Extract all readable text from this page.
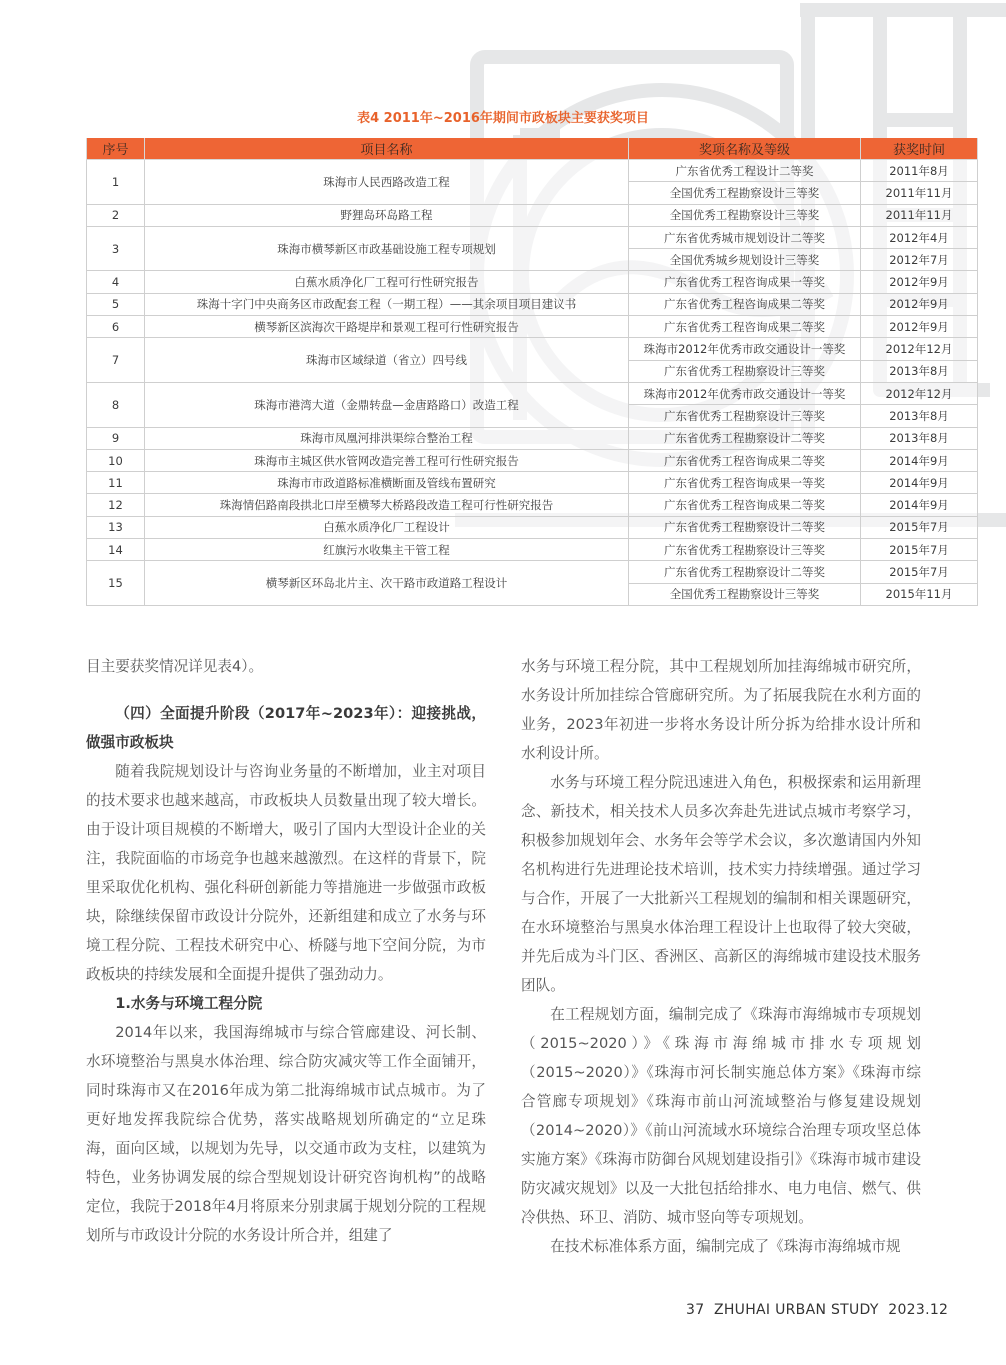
表4 2011年~2016年期间市政板块主要获奖项目
序号	项目名称	奖项名称及等级	获奖时间
1	珠海市人民西路改造工程	广东省优秀工程设计二等奖	2011年8月
		全国优秀工程勘察设计三等奖	2011年11月
2	野狸岛环岛路工程	全国优秀工程勘察设计三等奖	2011年11月
3	珠海市横琴新区市政基础设施工程专项规划	广东省优秀城市规划设计二等奖	2012年4月
		全国优秀城乡规划设计三等奖	2012年7月
4	白蕉水质净化厂工程可行性研究报告	广东省优秀工程咨询成果一等奖	2012年9月
5	珠海十字门中央商务区市政配套工程（一期工程）——其余项目项目建议书	广东省优秀工程咨询成果二等奖	2012年9月
6	横琴新区滨海次干路堤岸和景观工程可行性研究报告	广东省优秀工程咨询成果二等奖	2012年9月
7	珠海市区域绿道（省立）四号线	珠海市2012年优秀市政交通设计一等奖	2012年12月
		广东省优秀工程勘察设计三等奖	2013年8月
8	珠海市港湾大道（金鼎转盘—金唐路路口）改造工程	珠海市2012年优秀市政交通设计一等奖	2012年12月
		广东省优秀工程勘察设计三等奖	2013年8月
9	珠海市凤凰河排洪渠综合整治工程	广东省优秀工程勘察设计二等奖	2013年8月
10	珠海市主城区供水管网改造完善工程可行性研究报告	广东省优秀工程咨询成果二等奖	2014年9月
11	珠海市市政道路标准横断面及管线布置研究	广东省优秀工程咨询成果一等奖	2014年9月
12	珠海情侣路南段拱北口岸至横琴大桥路段改造工程可行性研究报告	广东省优秀工程咨询成果二等奖	2014年9月
13	白蕉水质净化厂工程设计	广东省优秀工程勘察设计二等奖	2015年7月
14	红旗污水收集主干管工程	广东省优秀工程勘察设计三等奖	2015年7月
15	横琴新区环岛北片主、次干路市政道路工程设计	广东省优秀工程勘察设计二等奖	2015年7月
		全国优秀工程勘察设计三等奖	2015年11月

目主要获奖情况详见表4）。

（四）全面提升阶段（2017年~2023年）：迎接挑战，做强市政板块

随着我院规划设计与咨询业务量的不断增加，业主对项目的技术要求也越来越高，市政板块人员数量出现了较大增长。由于设计项目规模的不断增大，吸引了国内大型设计企业的关注，我院面临的市场竞争也越来越激烈。在这样的背景下，院里采取优化机构、强化科研创新能力等措施进一步做强市政板块，除继续保留市政设计分院外，还新组建和成立了水务与环境工程分院、工程技术研究中心、桥隧与地下空间分院，为市政板块的持续发展和全面提升提供了强劲动力。

1.水务与环境工程分院

2014年以来，我国海绵城市与综合管廊建设、河长制、水环境整治与黑臭水体治理、综合防灾减灾等工作全面铺开，同时珠海市又在2016年成为第二批海绵城市试点城市。为了更好地发挥我院综合优势，落实战略规划所确定的“立足珠海，面向区域，以规划为先导，以交通市政为支柱，以建筑为特色，业务协调发展的综合型规划设计研究咨询机构”的战略定位，我院于2018年4月将原来分别隶属于规划分院的工程规划所与市政设计分院的水务设计所合并，组建了

水务与环境工程分院，其中工程规划所加挂海绵城市研究所，水务设计所加挂综合管廊研究所。为了拓展我院在水利方面的业务，2023年初进一步将水务设计所分拆为给排水设计所和水利设计所。

水务与环境工程分院迅速进入角色，积极探索和运用新理念、新技术，相关技术人员多次奔赴先进试点城市考察学习，积极参加规划年会、水务年会等学术会议，多次邀请国内外知名机构进行先进理论技术培训，技术实力持续增强。通过学习与合作，开展了一大批新兴工程规划的编制和相关课题研究，在水环境整治与黑臭水体治理工程设计上也取得了较大突破，并先后成为斗门区、香洲区、高新区的海绵城市建设技术服务团队。

在工程规划方面，编制完成了《珠海市海绵城市专项规划（2015~2020）》《珠海市海绵城市排水专项规划（2015~2020）》《珠海市河长制实施总体方案》《珠海市综合管廊专项规划》《珠海市前山河流域整治与修复建设规划（2014~2020）》《前山河流域水环境综合治理专项攻坚总体实施方案》《珠海市防御台风规划建设指引》《珠海市城市建设防灾减灾规划》以及一大批包括给排水、电力电信、燃气、供冷供热、环卫、消防、城市竖向等专项规划。

在技术标准体系方面，编制完成了《珠海市海绵城市规

37 ZHUHAI URBAN STUDY 2023.12
